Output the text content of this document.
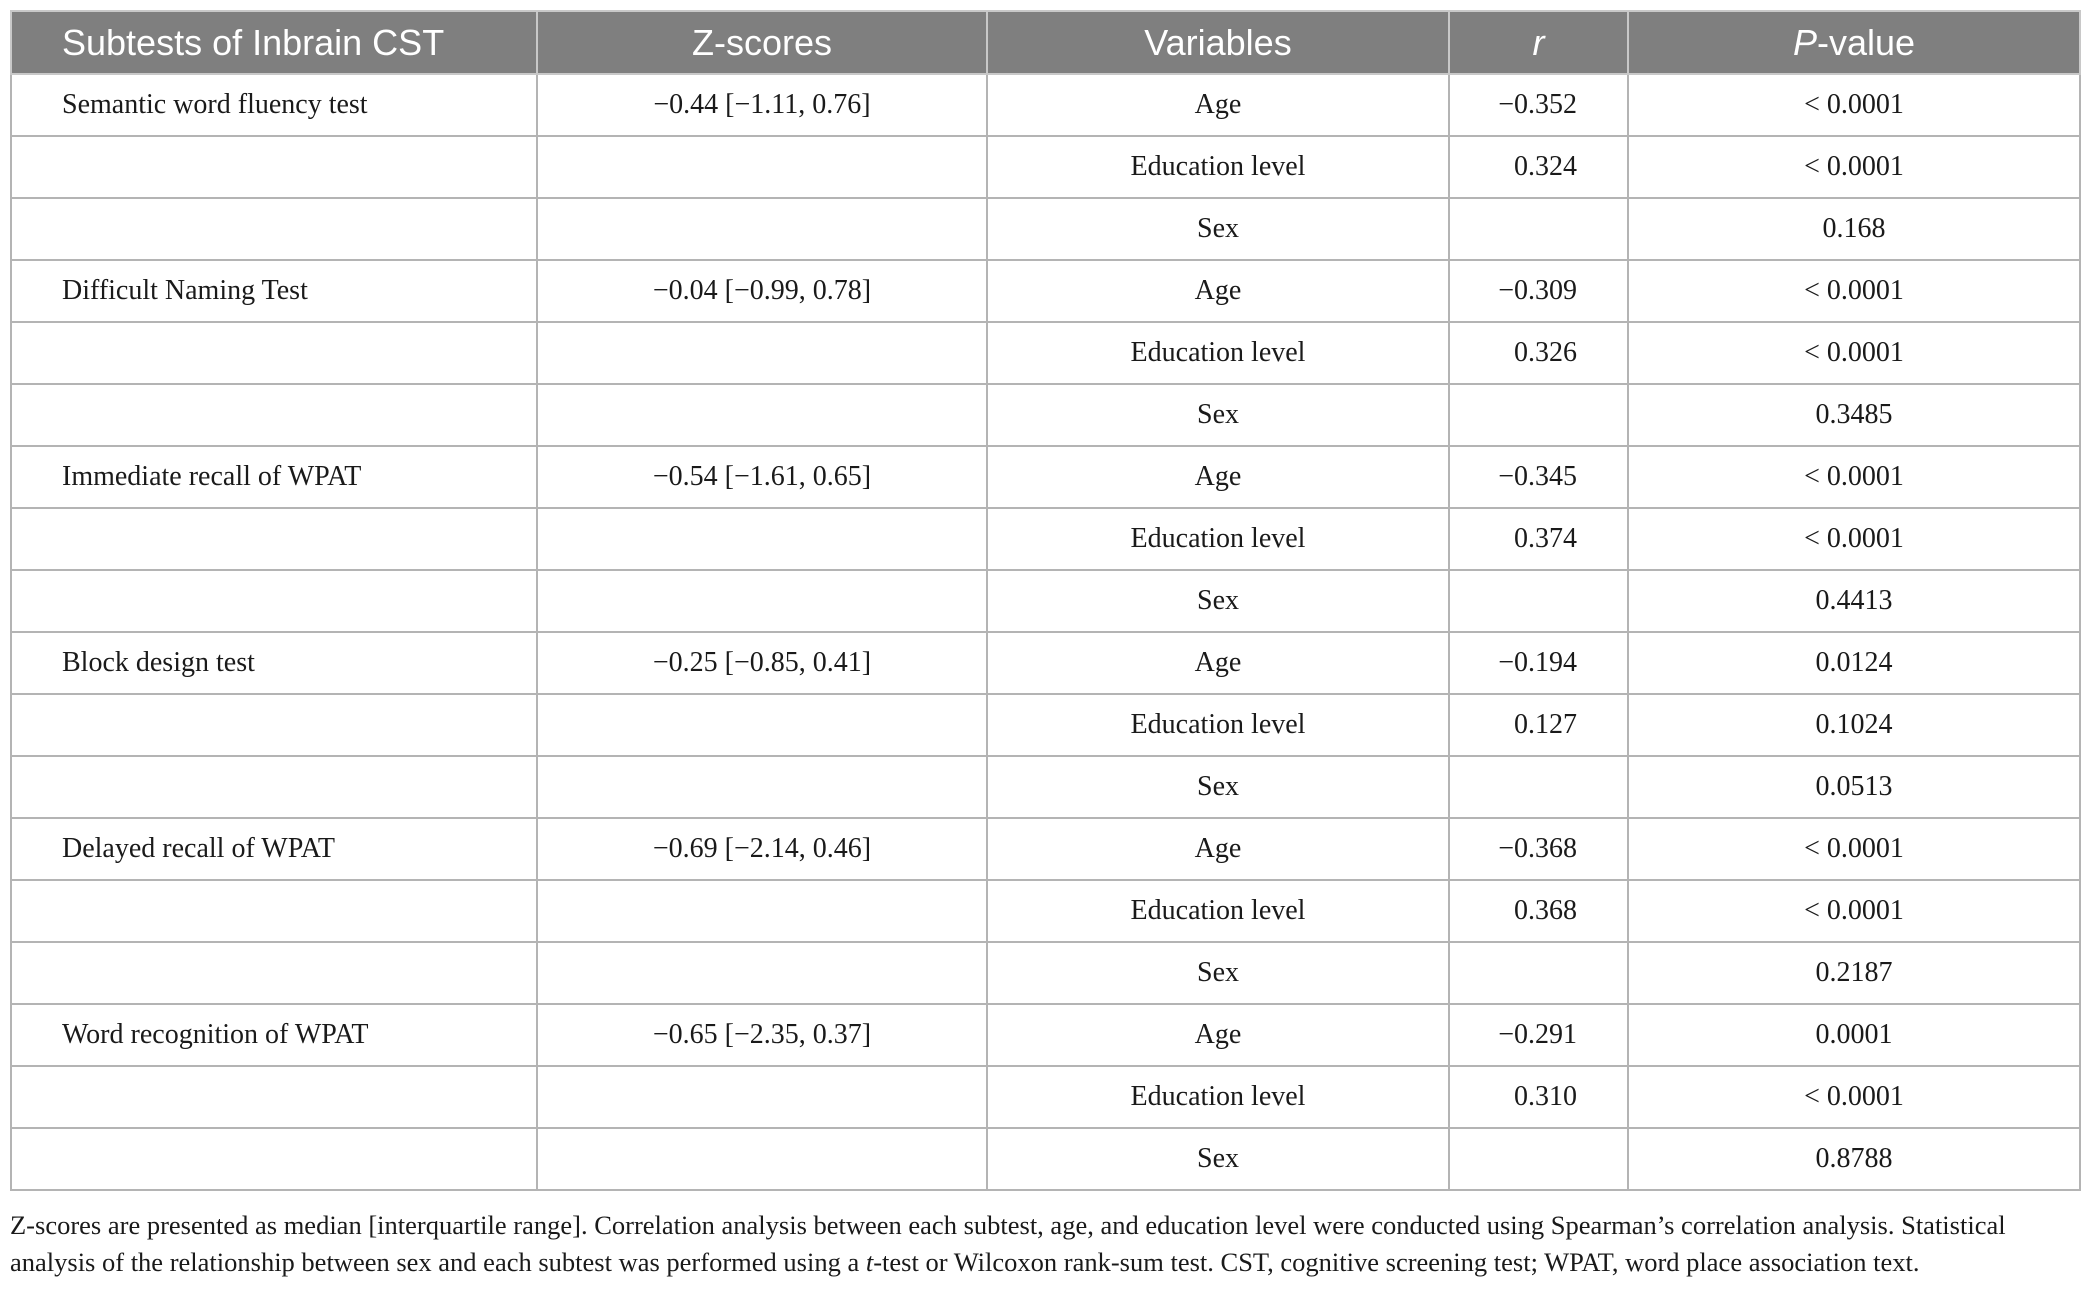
Subtests of Inbrain CST	Z-scores	Variables	r	P-value
Semantic word fluency test	−0.44 [−1.11, 0.76]	Age	−0.352	< 0.0001
		Education level	0.324	< 0.0001
		Sex		0.168
Difficult Naming Test	−0.04 [−0.99, 0.78]	Age	−0.309	< 0.0001
		Education level	0.326	< 0.0001
		Sex		0.3485
Immediate recall of WPAT	−0.54 [−1.61, 0.65]	Age	−0.345	< 0.0001
		Education level	0.374	< 0.0001
		Sex		0.4413
Block design test	−0.25 [−0.85, 0.41]	Age	−0.194	0.0124
		Education level	0.127	0.1024
		Sex		0.0513
Delayed recall of WPAT	−0.69 [−2.14, 0.46]	Age	−0.368	< 0.0001
		Education level	0.368	< 0.0001
		Sex		0.2187
Word recognition of WPAT	−0.65 [−2.35, 0.37]	Age	−0.291	0.0001
		Education level	0.310	< 0.0001
		Sex		0.8788
Z-scores are presented as median [interquartile range]. Correlation analysis between each subtest, age, and education level were conducted using Spearman’s correlation analysis. Statistical analysis of the relationship between sex and each subtest was performed using a t-test or Wilcoxon rank-sum test. CST, cognitive screening test; WPAT, word place association text.
